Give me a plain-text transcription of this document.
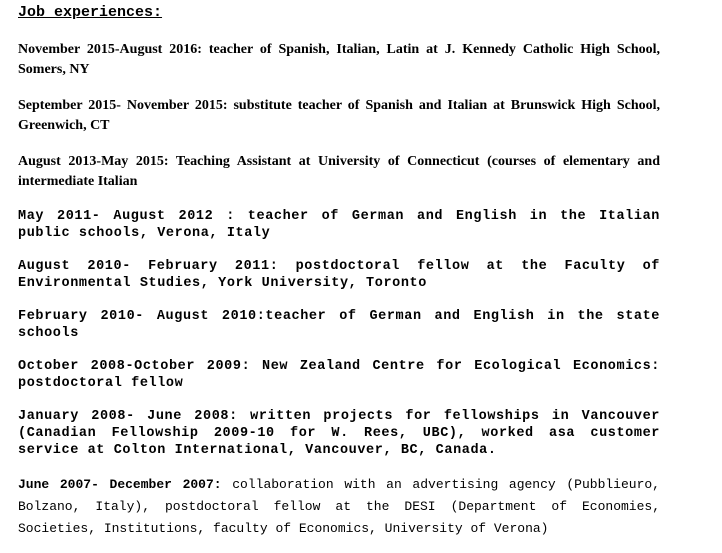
Job experiences:
November 2015-August 2016: teacher of Spanish, Italian, Latin at J. Kennedy Catholic High School, Somers, NY
September 2015- November 2015: substitute teacher of Spanish and Italian at Brunswick High School, Greenwich, CT
August 2013-May 2015: Teaching Assistant at University of Connecticut (courses of elementary and intermediate Italian
May 2011- August 2012 : teacher of German and English in the Italian public schools, Verona, Italy
August 2010- February 2011: postdoctoral fellow at the Faculty of Environmental Studies, York University, Toronto
February 2010- August 2010:teacher of German and English in the state schools
October 2008-October 2009: New Zealand Centre for Ecological Economics: postdoctoral fellow
January 2008- June 2008: written projects for fellowships in Vancouver (Canadian Fellowship 2009-10 for W. Rees, UBC), worked asa customer service at Colton International, Vancouver, BC, Canada.
June 2007- December 2007: collaboration with an advertising agency (Pubblieuro, Bolzano, Italy), postdoctoral fellow at the DESI (Department of Economies, Societies, Institutions, faculty of Economics, University of Verona)
